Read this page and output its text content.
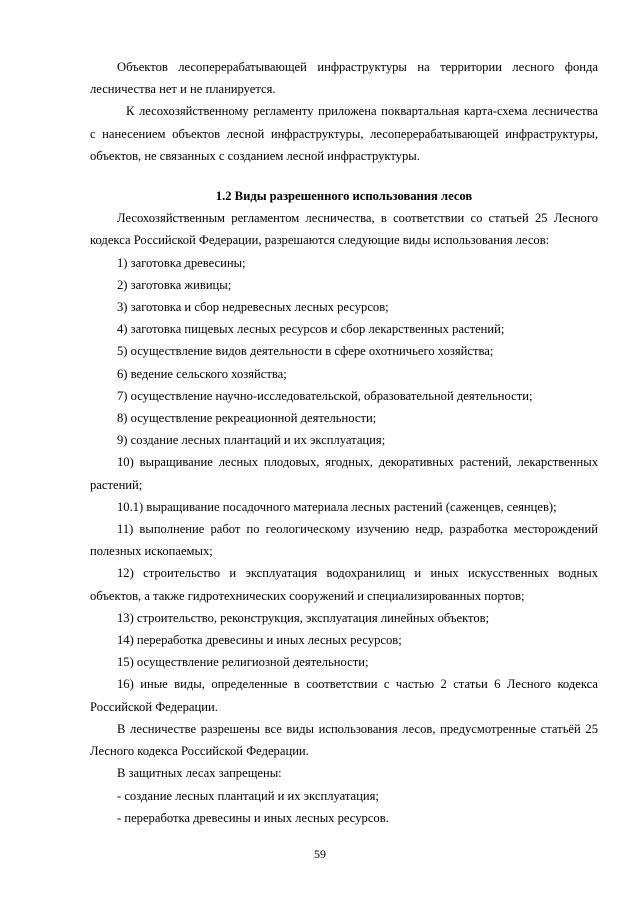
Объектов лесоперерабатывающей инфраструктуры на территории лесного фонда лесничества нет и не планируется.

К лесохозяйственному регламенту приложена поквартальная карта-схема лесничества с нанесением объектов лесной инфраструктуры, лесоперерабатывающей инфраструктуры, объектов, не связанных с созданием лесной инфраструктуры.

1.2 Виды разрешенного использования лесов

Лесохозяйственным регламентом лесничества, в соответствии со статьей 25 Лесного кодекса Российской Федерации, разрешаются следующие виды использования лесов:

1) заготовка древесины;

2) заготовка живицы;

3) заготовка и сбор недревесных лесных ресурсов;

4) заготовка пищевых лесных ресурсов и сбор лекарственных растений;

5) осуществление видов деятельности в сфере охотничьего хозяйства;

6) ведение сельского хозяйства;

7) осуществление научно-исследовательской, образовательной деятельности;

8) осуществление рекреационной деятельности;

9) создание лесных плантаций и их эксплуатация;

10) выращивание лесных плодовых, ягодных, декоративных растений, лекарственных растений;

10.1) выращивание посадочного материала лесных растений (саженцев, сеянцев);

11) выполнение работ по геологическому изучению недр, разработка месторождений полезных ископаемых;

12) строительство и эксплуатация водохранилищ и иных искусственных водных объектов, а также гидротехнических сооружений и специализированных портов;

13) строительство, реконструкция, эксплуатация линейных объектов;

14) переработка древесины и иных лесных ресурсов;

15) осуществление религиозной деятельности;

16) иные виды, определенные в соответствии с частью 2 статьи 6 Лесного кодекса Российской Федерации.

В лесничестве разрешены все виды использования лесов, предусмотренные статьёй 25 Лесного кодекса Российской Федерации.

В защитных лесах запрещены:

- создание лесных плантаций и их эксплуатация;

- переработка древесины и иных лесных ресурсов.

59
